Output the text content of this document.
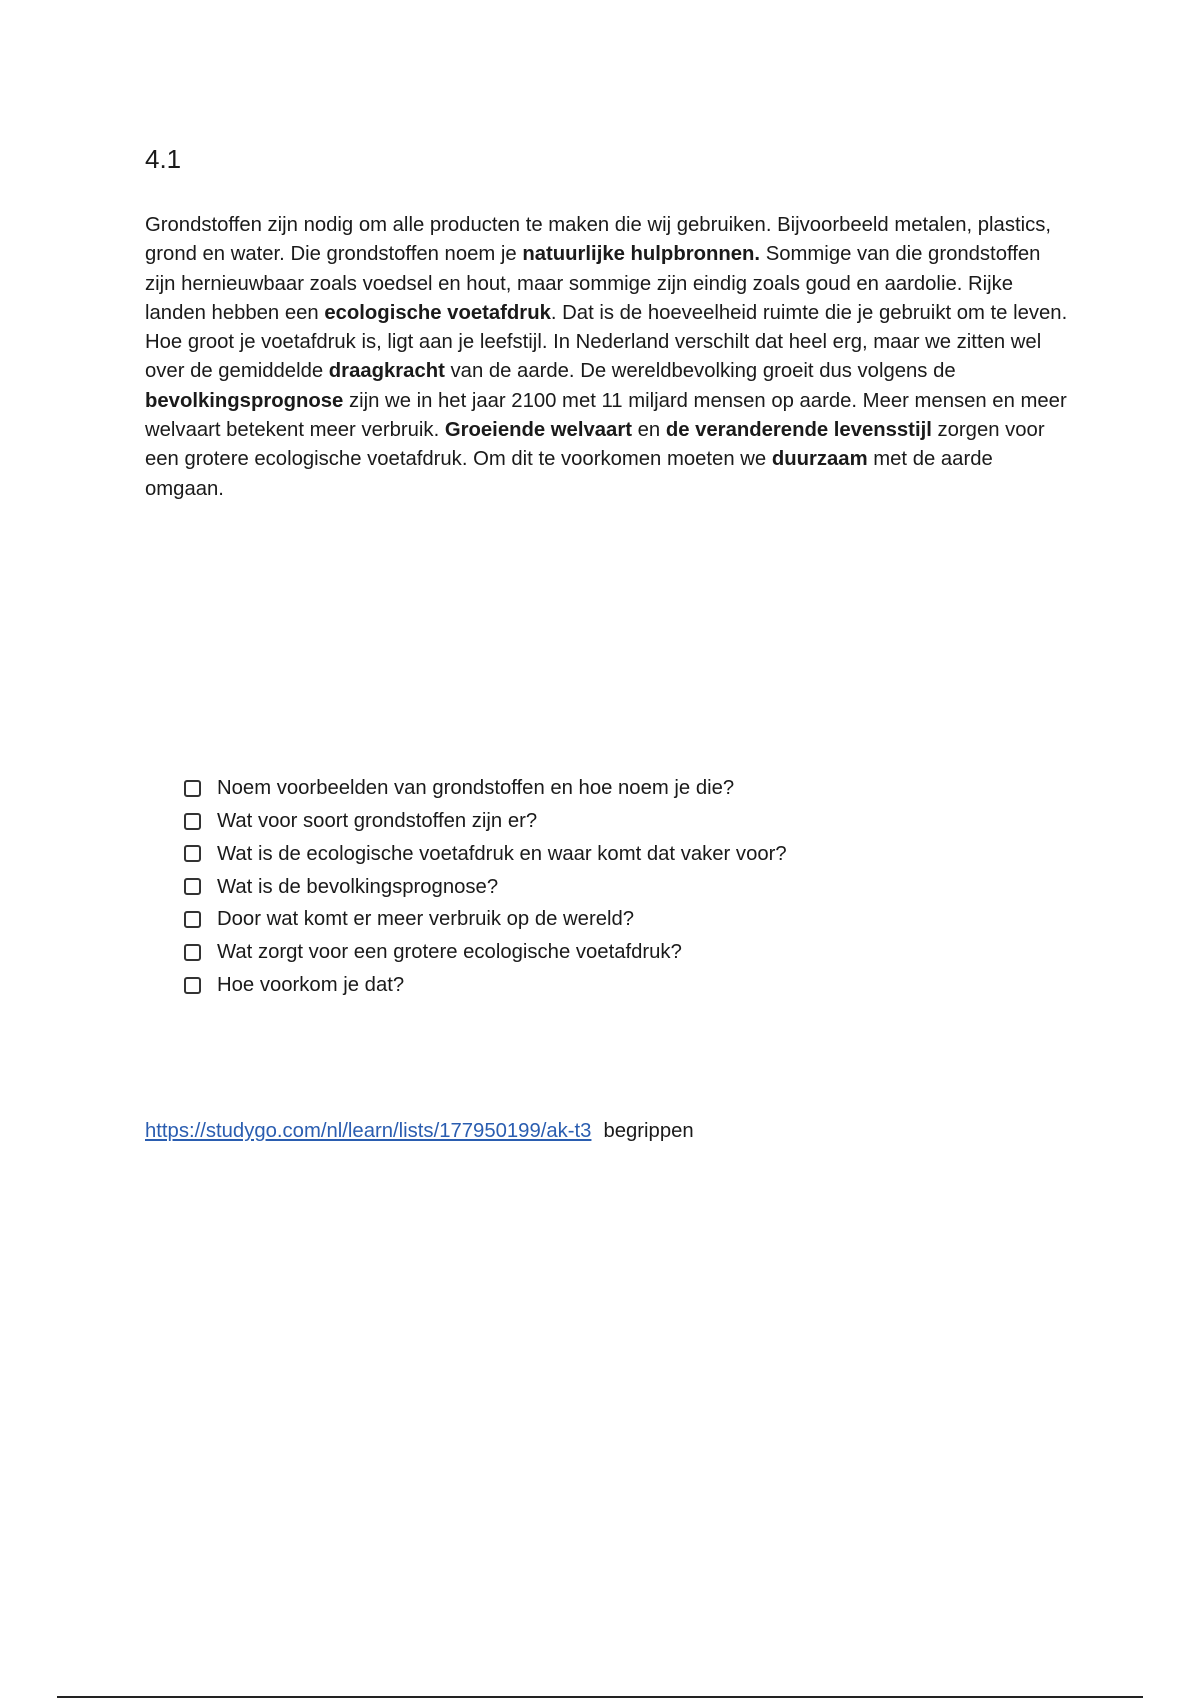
4.1

Grondstoffen zijn nodig om alle producten te maken die wij gebruiken. Bijvoorbeeld metalen, plastics, grond en water. Die grondstoffen noem je natuurlijke hulpbronnen. Sommige van die grondstoffen zijn hernieuwbaar zoals voedsel en hout, maar sommige zijn eindig zoals goud en aardolie. Rijke landen hebben een ecologische voetafdruk. Dat is de hoeveelheid ruimte die je gebruikt om te leven. Hoe groot je voetafdruk is, ligt aan je leefstijl. In Nederland verschilt dat heel erg, maar we zitten wel over de gemiddelde draagkracht van de aarde. De wereldbevolking groeit dus volgens de bevolkingsprognose zijn we in het jaar 2100 met 11 miljard mensen op aarde. Meer mensen en meer welvaart betekent meer verbruik. Groeiende welvaart en de veranderende levensstijl zorgen voor een grotere ecologische voetafdruk. Om dit te voorkomen moeten we duurzaam met de aarde omgaan.

Noem voorbeelden van grondstoffen en hoe noem je die?
Wat voor soort grondstoffen zijn er?
Wat is de ecologische voetafdruk en waar komt dat vaker voor?
Wat is de bevolkingsprognose?
Door wat komt er meer verbruik op de wereld?
Wat zorgt voor een grotere ecologische voetafdruk?
Hoe voorkom je dat?
https://studygo.com/nl/learn/lists/177950199/ak-t3 begrippen
